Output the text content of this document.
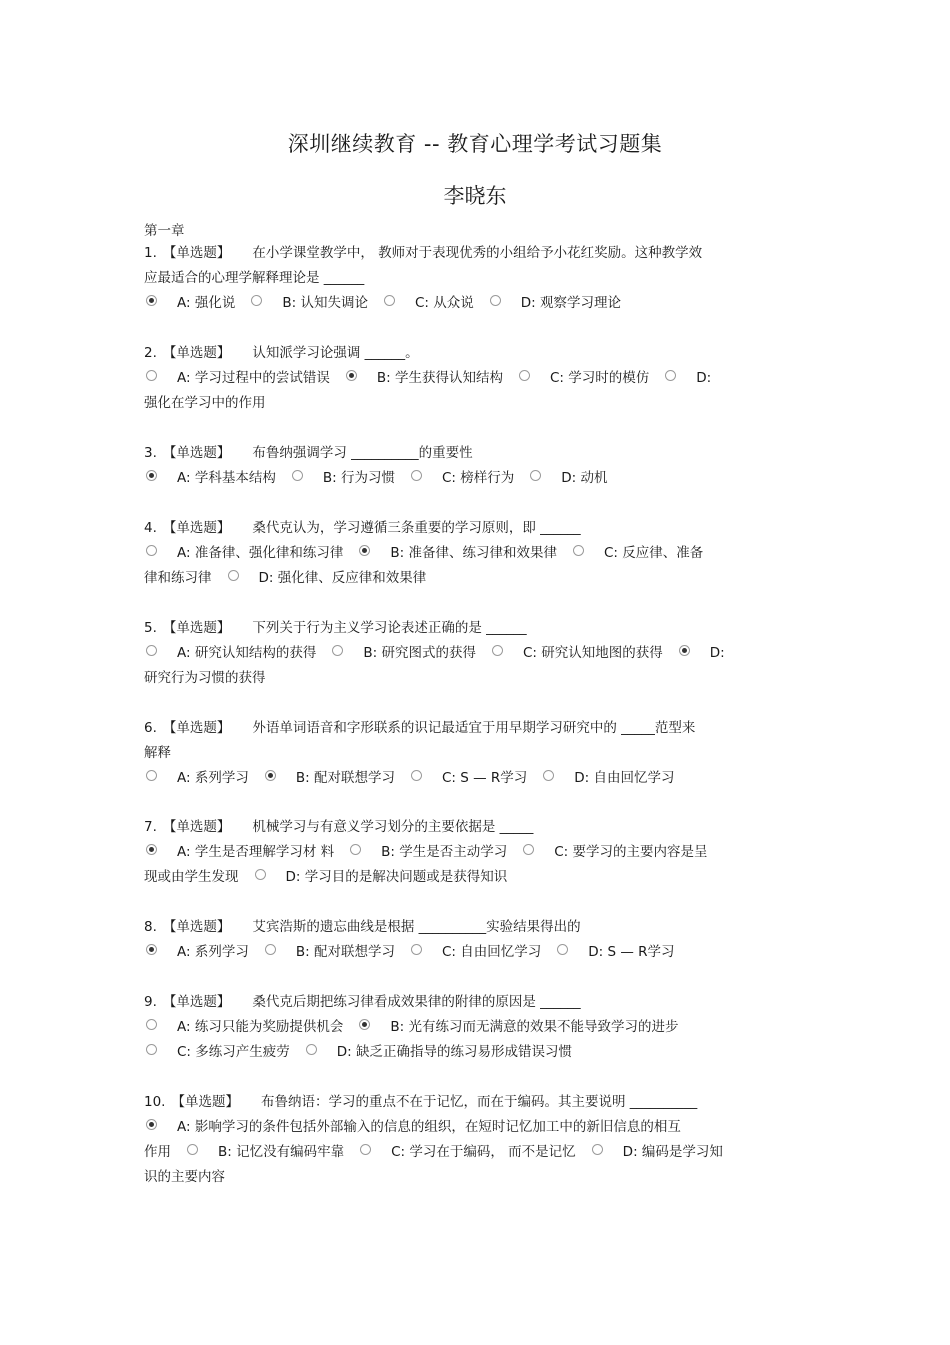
深圳继续教育 -- 教育心理学考试习题集
李晓东
第一章

1. 【单选题】 在小学课堂教学中， 教师对于表现优秀的小组给予小花红奖励。这种教学效

应最适合的心理学解释理论是 ______

A: 强化说	B: 认知失调论	C: 从众说	D: 观察学习理论

2. 【单选题】 认知派学习论强调 ______。

A: 学习过程中的尝试错误	B: 学生获得认知结构	C: 学习时的模仿	D:

强化在学习中的作用

3. 【单选题】 布鲁纳强调学习 __________的重要性

A: 学科基本结构	B: 行为习惯	C: 榜样行为	D: 动机

4. 【单选题】 桑代克认为，学习遵循三条重要的学习原则，即 ______

A: 准备律、强化律和练习律	B: 准备律、练习律和效果律	C: 反应律、准备

律和练习律	D: 强化律、反应律和效果律

5. 【单选题】 下列关于行为主义学习论表述正确的是 ______

A: 研究认知结构的获得	B: 研究图式的获得	C: 研究认知地图的获得	D:

研究行为习惯的获得

6. 【单选题】 外语单词语音和字形联系的识记最适宜于用早期学习研究中的 _____范型来

解释

A: 系列学习	B: 配对联想学习	C: S — R学习	D: 自由回忆学习

7. 【单选题】 机械学习与有意义学习划分的主要依据是 _____

A: 学生是否理解学习材 料	B: 学生是否主动学习	C: 要学习的主要内容是呈

现或由学生发现	D: 学习目的是解决问题或是获得知识

8. 【单选题】 艾宾浩斯的遗忘曲线是根据 __________实验结果得出的

A: 系列学习	B: 配对联想学习	C: 自由回忆学习	D: S — R学习

9. 【单选题】 桑代克后期把练习律看成效果律的附律的原因是 ______

A: 练习只能为奖励提供机会	B: 光有练习而无满意的效果不能导致学习的进步

C: 多练习产生疲劳	D: 缺乏正确指导的练习易形成错误习惯

10. 【单选题】 布鲁纳语：学习的重点不在于记忆，而在于编码。其主要说明 __________

A: 影响学习的条件包括外部输入的信息的组织，在短时记忆加工中的新旧信息的相互

作用	B: 记忆没有编码牢靠	C: 学习在于编码， 而不是记忆	D: 编码是学习知

识的主要内容
